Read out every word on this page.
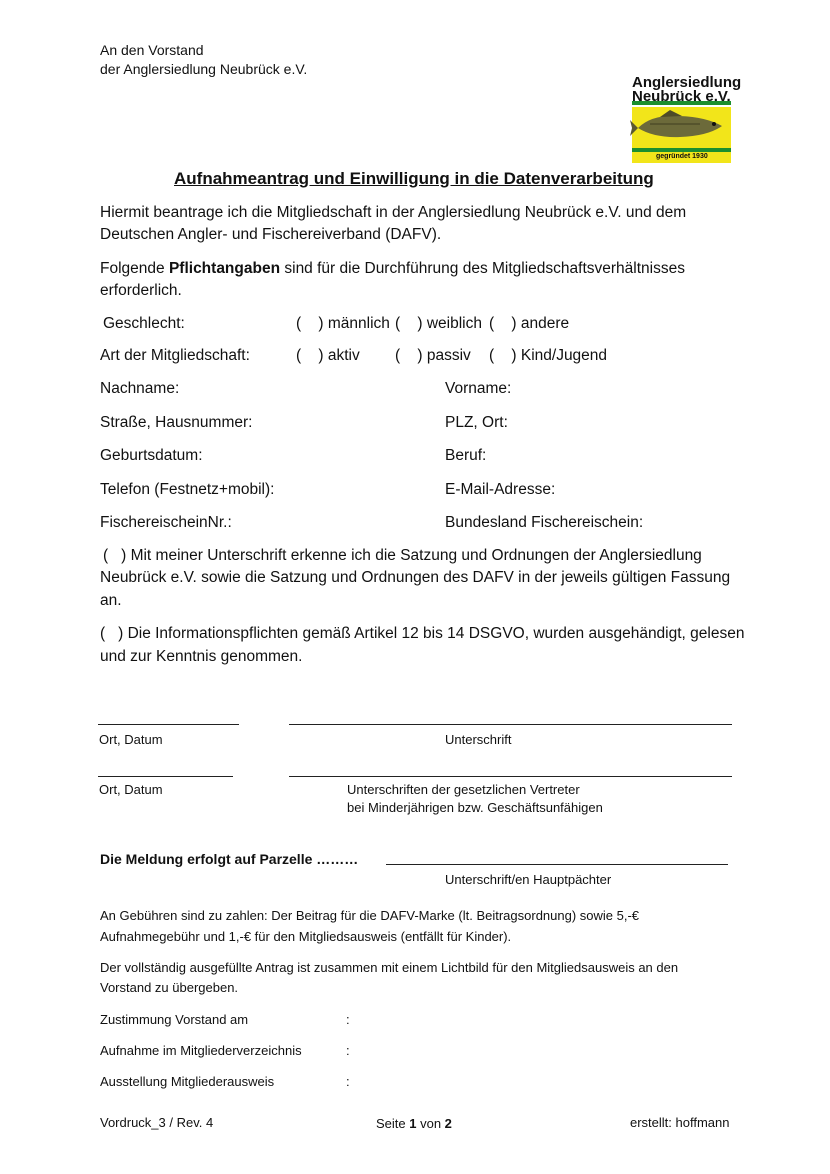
An den Vorstand
der Anglersiedlung Neubrück e.V.
Anglersiedlung
Neubrück e.V.
gegründet 1930
Aufnahmeantrag und Einwilligung in die Datenverarbeitung
Hiermit beantrage ich die Mitgliedschaft in der Anglersiedlung Neubrück e.V. und dem
Deutschen Angler- und Fischereiverband (DAFV).
Folgende Pflichtangaben sind für die Durchführung des Mitgliedschaftsverhältnisses
erforderlich.
Geschlecht:	(    ) männlich (    ) weiblich (    ) andere
Art der Mitgliedschaft:	(    ) aktiv (    ) passiv (    ) Kind/Jugend
Nachname:	Vorname:
Straße, Hausnummer:	PLZ, Ort:
Geburtsdatum:	Beruf:
Telefon (Festnetz+mobil):	E-Mail-Adresse:
FischereischeinNr.:	Bundesland Fischereischein:
(   ) Mit meiner Unterschrift erkenne ich die Satzung und Ordnungen der Anglersiedlung
Neubrück e.V. sowie die Satzung und Ordnungen des DAFV in der jeweils gültigen Fassung
an.
(   ) Die Informationspflichten gemäß Artikel 12 bis 14 DSGVO, wurden ausgehändigt, gelesen
und zur Kenntnis genommen.
Ort, Datum	Unterschrift
Ort, Datum	Unterschriften der gesetzlichen Vertreter
bei Minderjährigen bzw. Geschäftsunfähigen
Die Meldung erfolgt auf Parzelle ………
Unterschrift/en Hauptpächter
An Gebühren sind zu zahlen: Der Beitrag für die DAFV-Marke (lt. Beitragsordnung) sowie 5,-€
Aufnahmegebühr und 1,-€ für den Mitgliedsausweis (entfällt für Kinder).
Der vollständig ausgefüllte Antrag ist zusammen mit einem Lichtbild für den Mitgliedsausweis an den
Vorstand zu übergeben.
Zustimmung Vorstand am	:
Aufnahme im Mitgliederverzeichnis	:
Ausstellung Mitgliederausweis	:
Vordruck_3 / Rev. 4	Seite 1 von 2	erstellt: hoffmann
